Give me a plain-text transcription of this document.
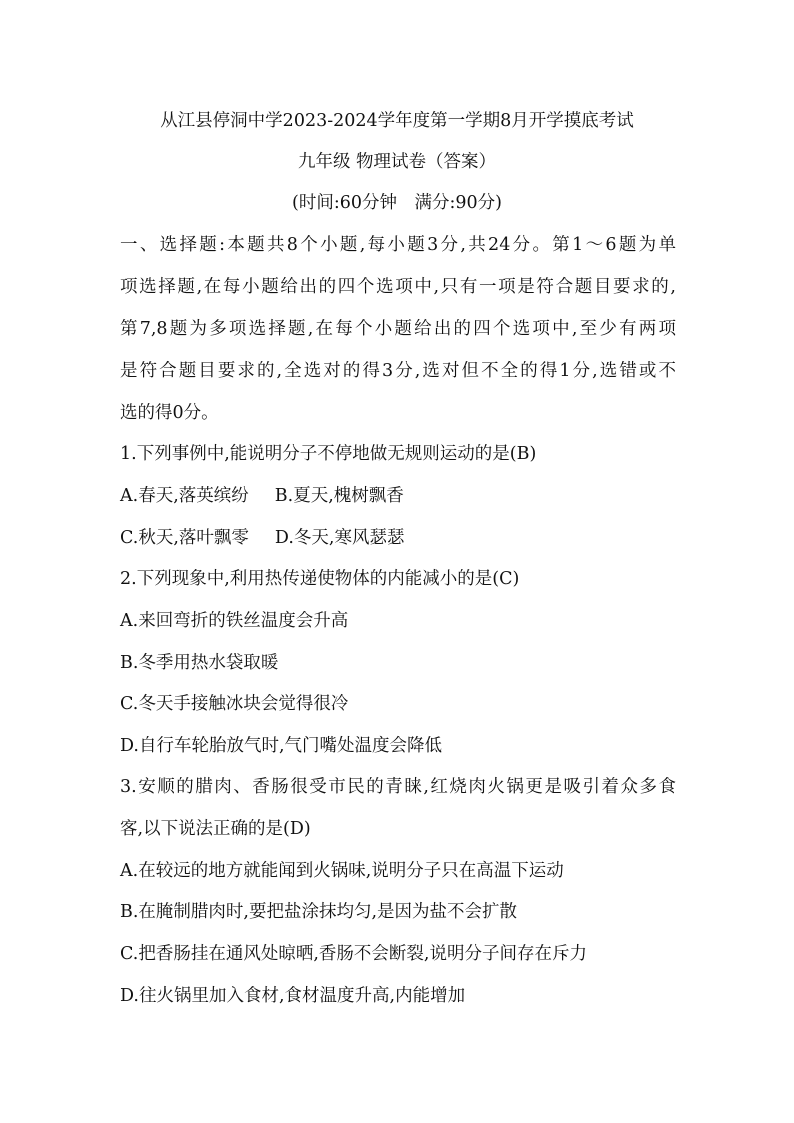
从江县停洞中学2023-2024学年度第一学期8月开学摸底考试
九年级 物理试卷（答案）
(时间:60分钟　满分:90分)
一、选择题:本题共8个小题,每小题3分,共24分。第1～6题为单
项选择题,在每小题给出的四个选项中,只有一项是符合题目要求的,
第7,8题为多项选择题,在每个小题给出的四个选项中,至少有两项
是符合题目要求的,全选对的得3分,选对但不全的得1分,选错或不
选的得0分。
1.下列事例中,能说明分子不停地做无规则运动的是(B)
A.春天,落英缤纷 B.夏天,槐树飘香
C.秋天,落叶飘零 D.冬天,寒风瑟瑟
2.下列现象中,利用热传递使物体的内能减小的是(C)
A.来回弯折的铁丝温度会升高
B.冬季用热水袋取暖
C.冬天手接触冰块会觉得很冷
D.自行车轮胎放气时,气门嘴处温度会降低
3.安顺的腊肉、香肠很受市民的青睐,红烧肉火锅更是吸引着众多食
客,以下说法正确的是(D)
A.在较远的地方就能闻到火锅味,说明分子只在高温下运动
B.在腌制腊肉时,要把盐涂抹均匀,是因为盐不会扩散
C.把香肠挂在通风处晾晒,香肠不会断裂,说明分子间存在斥力
D.往火锅里加入食材,食材温度升高,内能增加
